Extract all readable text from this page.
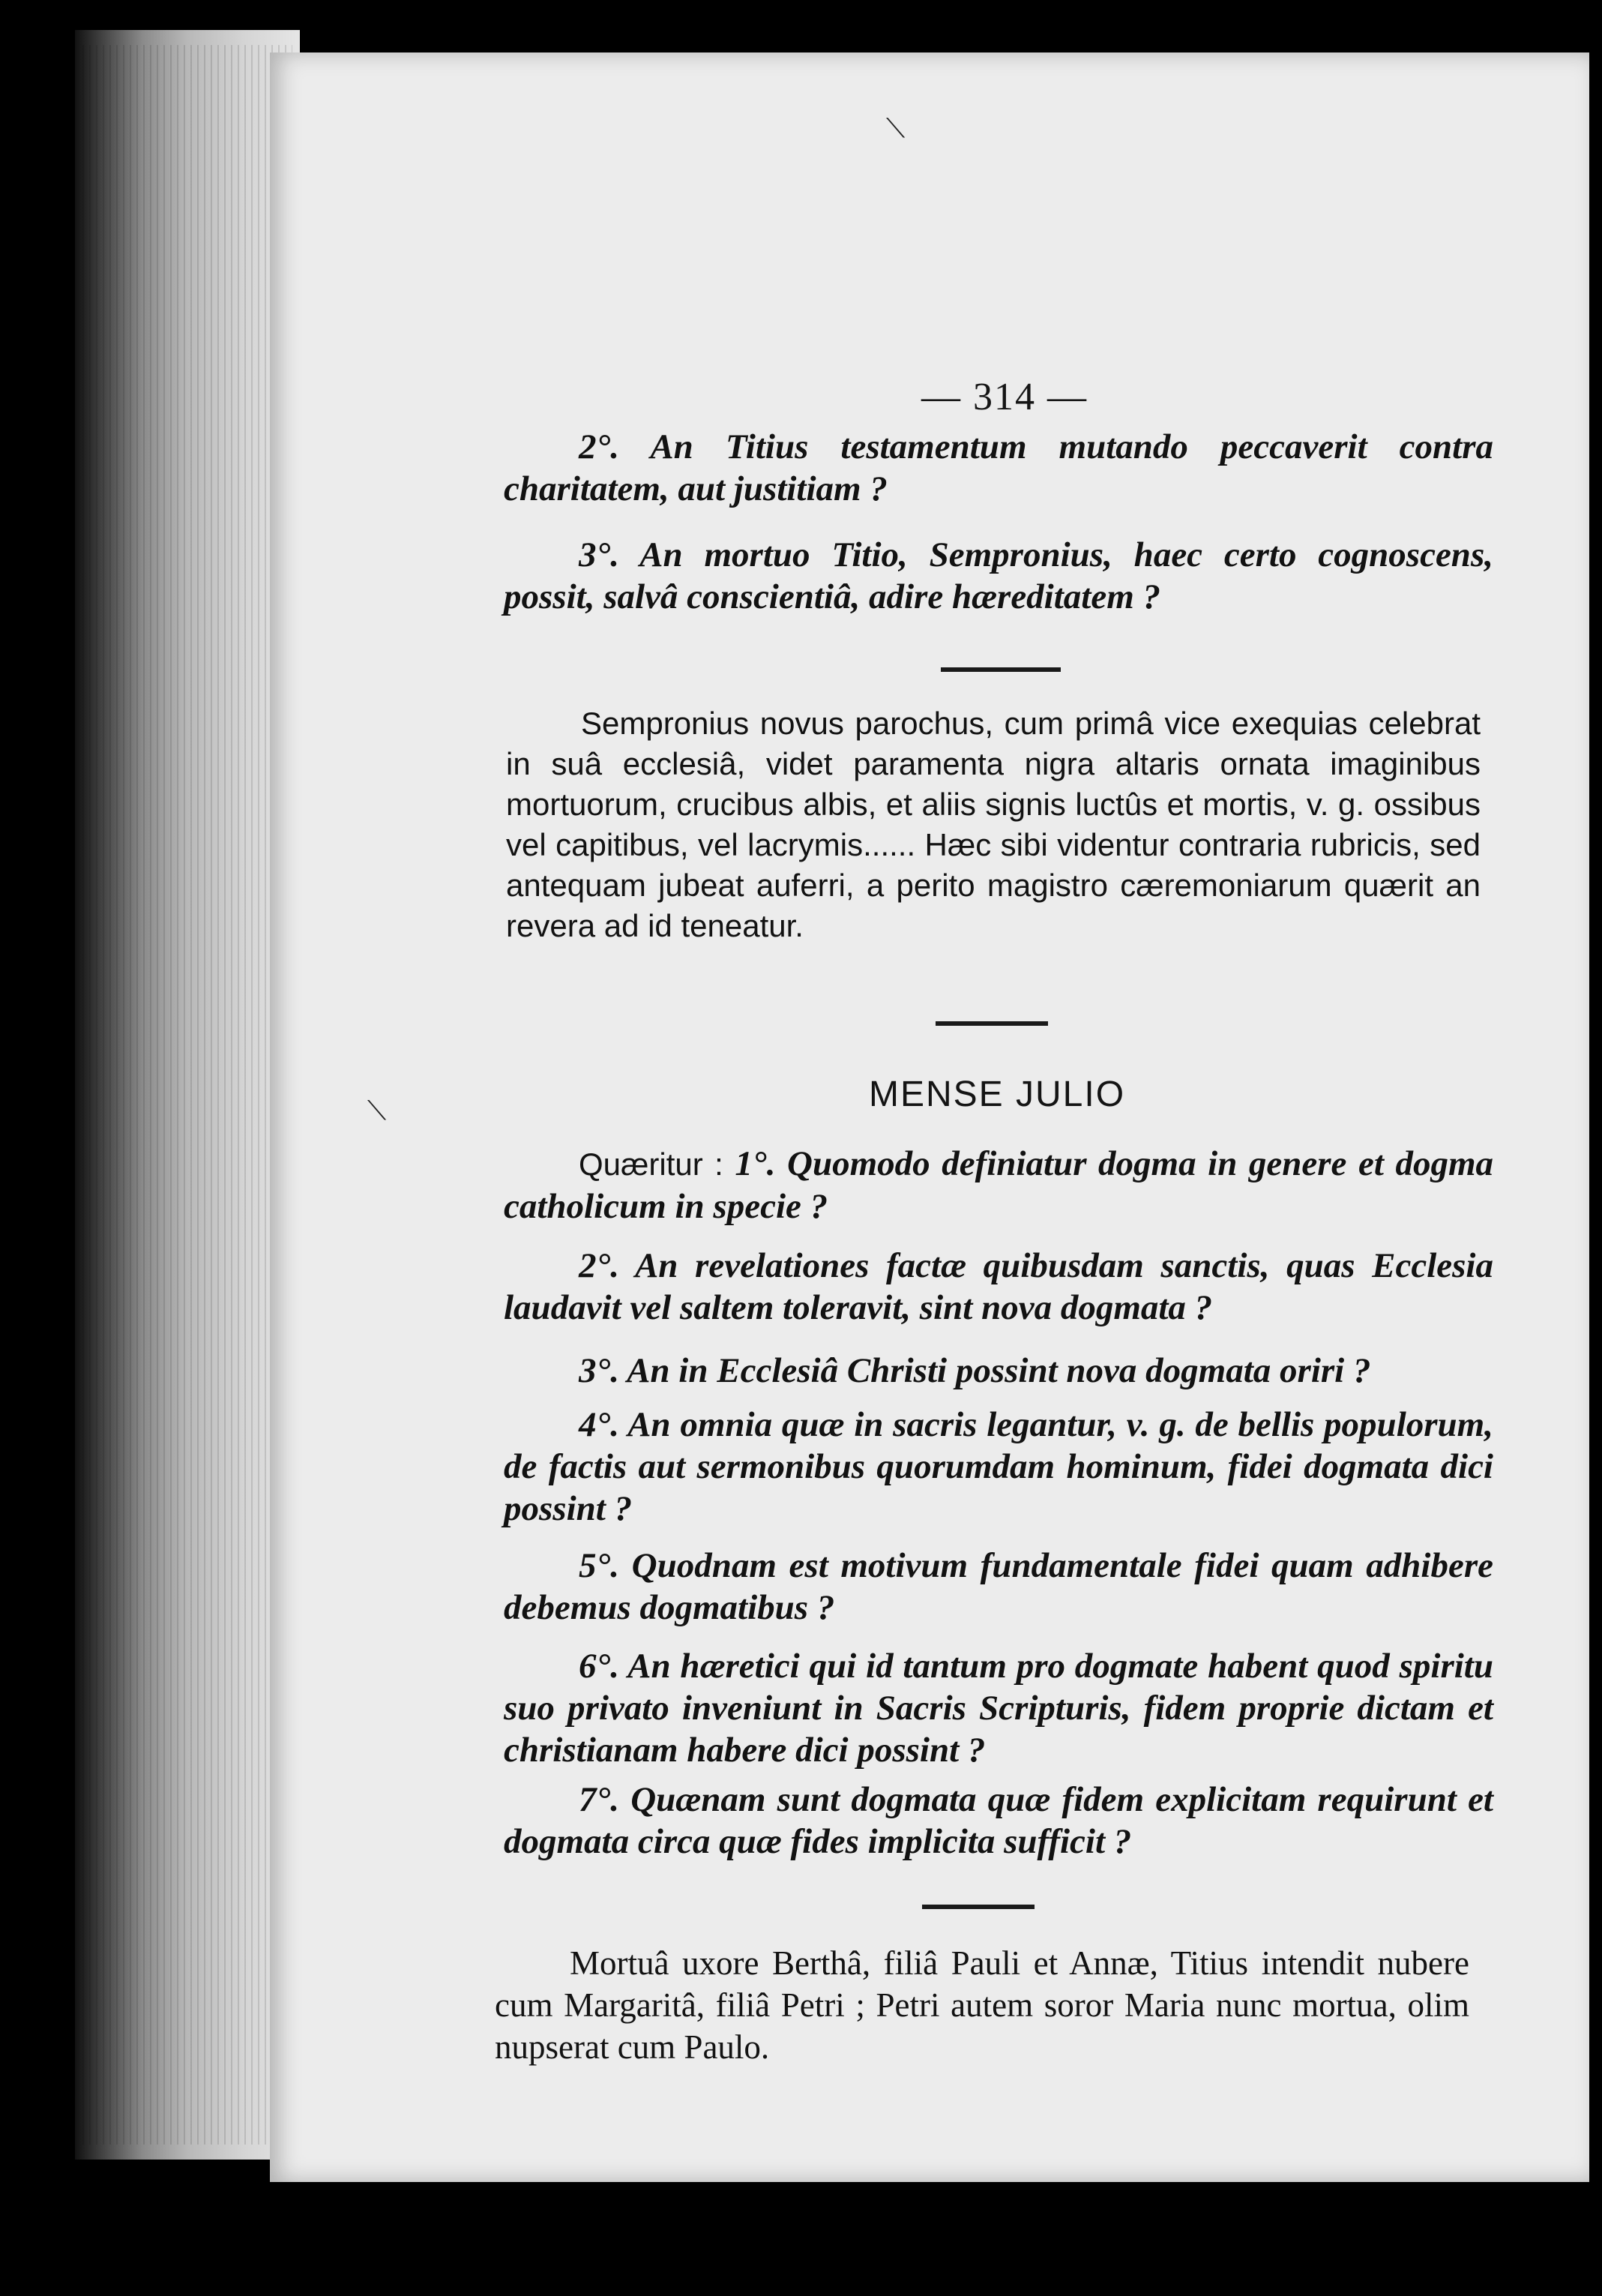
— 314 —
2°. An Titius testamentum mutando peccaverit contra charitatem, aut justitiam ?
3°. An mortuo Titio, Sempronius, haec certo cognoscens, possit, salvâ conscientiâ, adire hæreditatem ?
Sempronius novus parochus, cum primâ vice exequias celebrat in suâ ecclesiâ, videt paramenta nigra altaris ornata imaginibus mortuorum, crucibus albis, et aliis signis luctûs et mortis, v. g. ossibus vel capitibus, vel lacrymis...... Hæc sibi videntur contraria rubricis, sed antequam jubeat auferri, a perito magistro cæremoniarum quærit an revera ad id teneatur.
MENSE JULIO
Quæritur : 1°. Quomodo definiatur dogma in genere et dogma catholicum in specie ?
2°. An revelationes factæ quibusdam sanctis, quas Ecclesia laudavit vel saltem toleravit, sint nova dogmata ?
3°. An in Ecclesiâ Christi possint nova dogmata oriri ?
4°. An omnia quæ in sacris legantur, v. g. de bellis populorum, de factis aut sermonibus quorumdam hominum, fidei dogmata dici possint ?
5°. Quodnam est motivum fundamentale fidei quam adhibere debemus dogmatibus ?
6°. An hæretici qui id tantum pro dogmate habent quod spiritu suo privato inveniunt in Sacris Scripturis, fidem proprie dictam et christianam habere dici possint ?
7°. Quænam sunt dogmata quæ fidem explicitam requirunt et dogmata circa quæ fides implicita sufficit ?
Mortuâ uxore Berthâ, filiâ Pauli et Annæ, Titius intendit nubere cum Margaritâ, filiâ Petri ; Petri autem soror Maria nunc mortua, olim nupserat cum Paulo.
⟍
⟍
